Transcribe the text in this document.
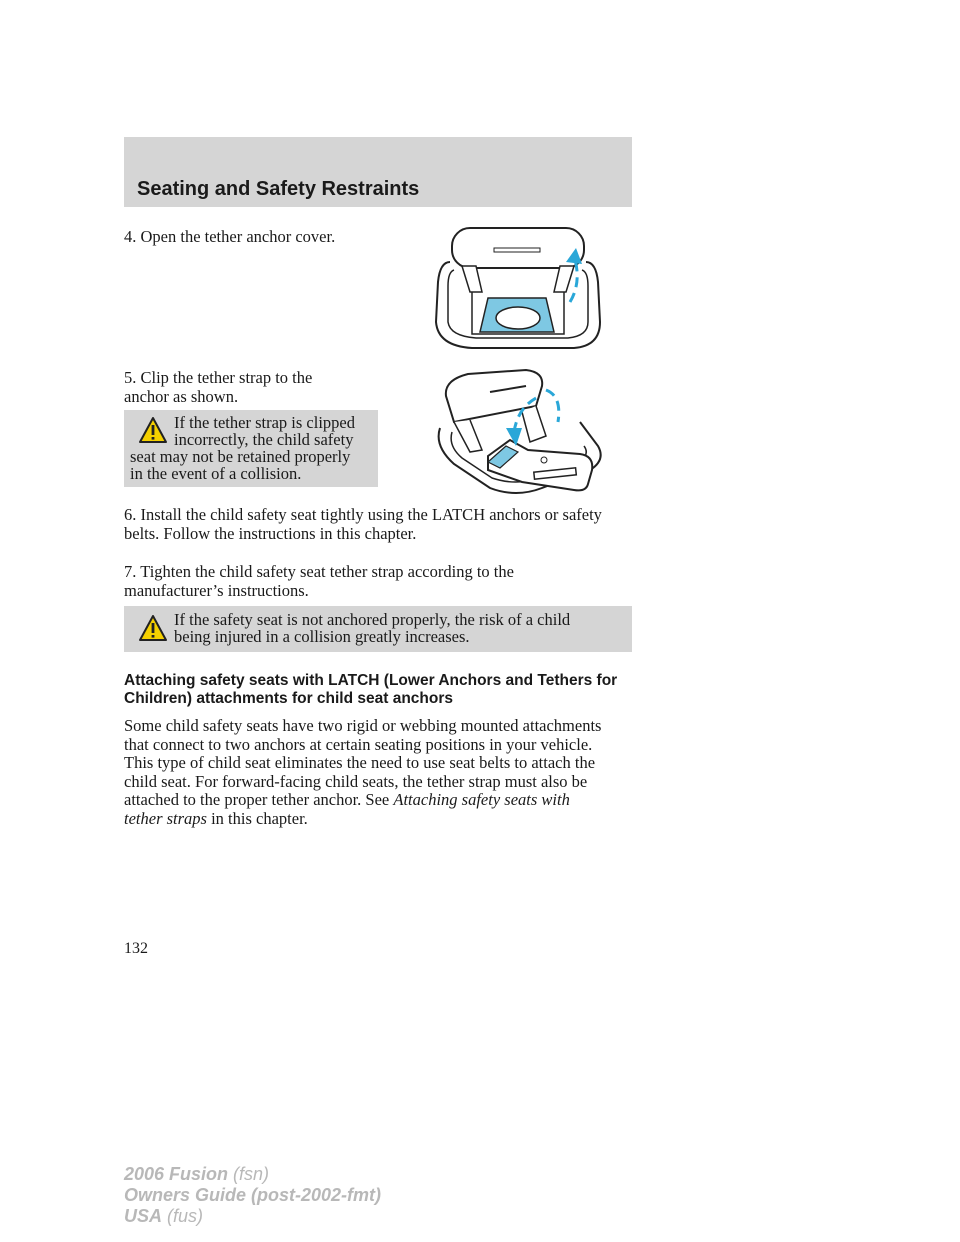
Seating and Safety Restraints

4. Open the tether anchor cover.

5. Clip the tether strap to the
anchor as shown.

If the tether strap is clipped

incorrectly, the child safety

seat may not be retained properly

in the event of a collision.

6. Install the child safety seat tightly using the LATCH anchors or safety
belts. Follow the instructions in this chapter.

7. Tighten the child safety seat tether strap according to the
manufacturer’s instructions.

If the safety seat is not anchored properly, the risk of a child

being injured in a collision greatly increases.

Attaching safety seats with LATCH (Lower Anchors and Tethers for
Children) attachments for child seat anchors

Some child safety seats have two rigid or webbing mounted attachments
that connect to two anchors at certain seating positions in your vehicle.
This type of child seat eliminates the need to use seat belts to attach the
child seat. For forward-facing child seats, the tether strap must also be
attached to the proper tether anchor. See Attaching safety seats with
tether straps in this chapter.

132

2006 Fusion (fsn)
Owners Guide (post-2002-fmt)
USA (fus)
